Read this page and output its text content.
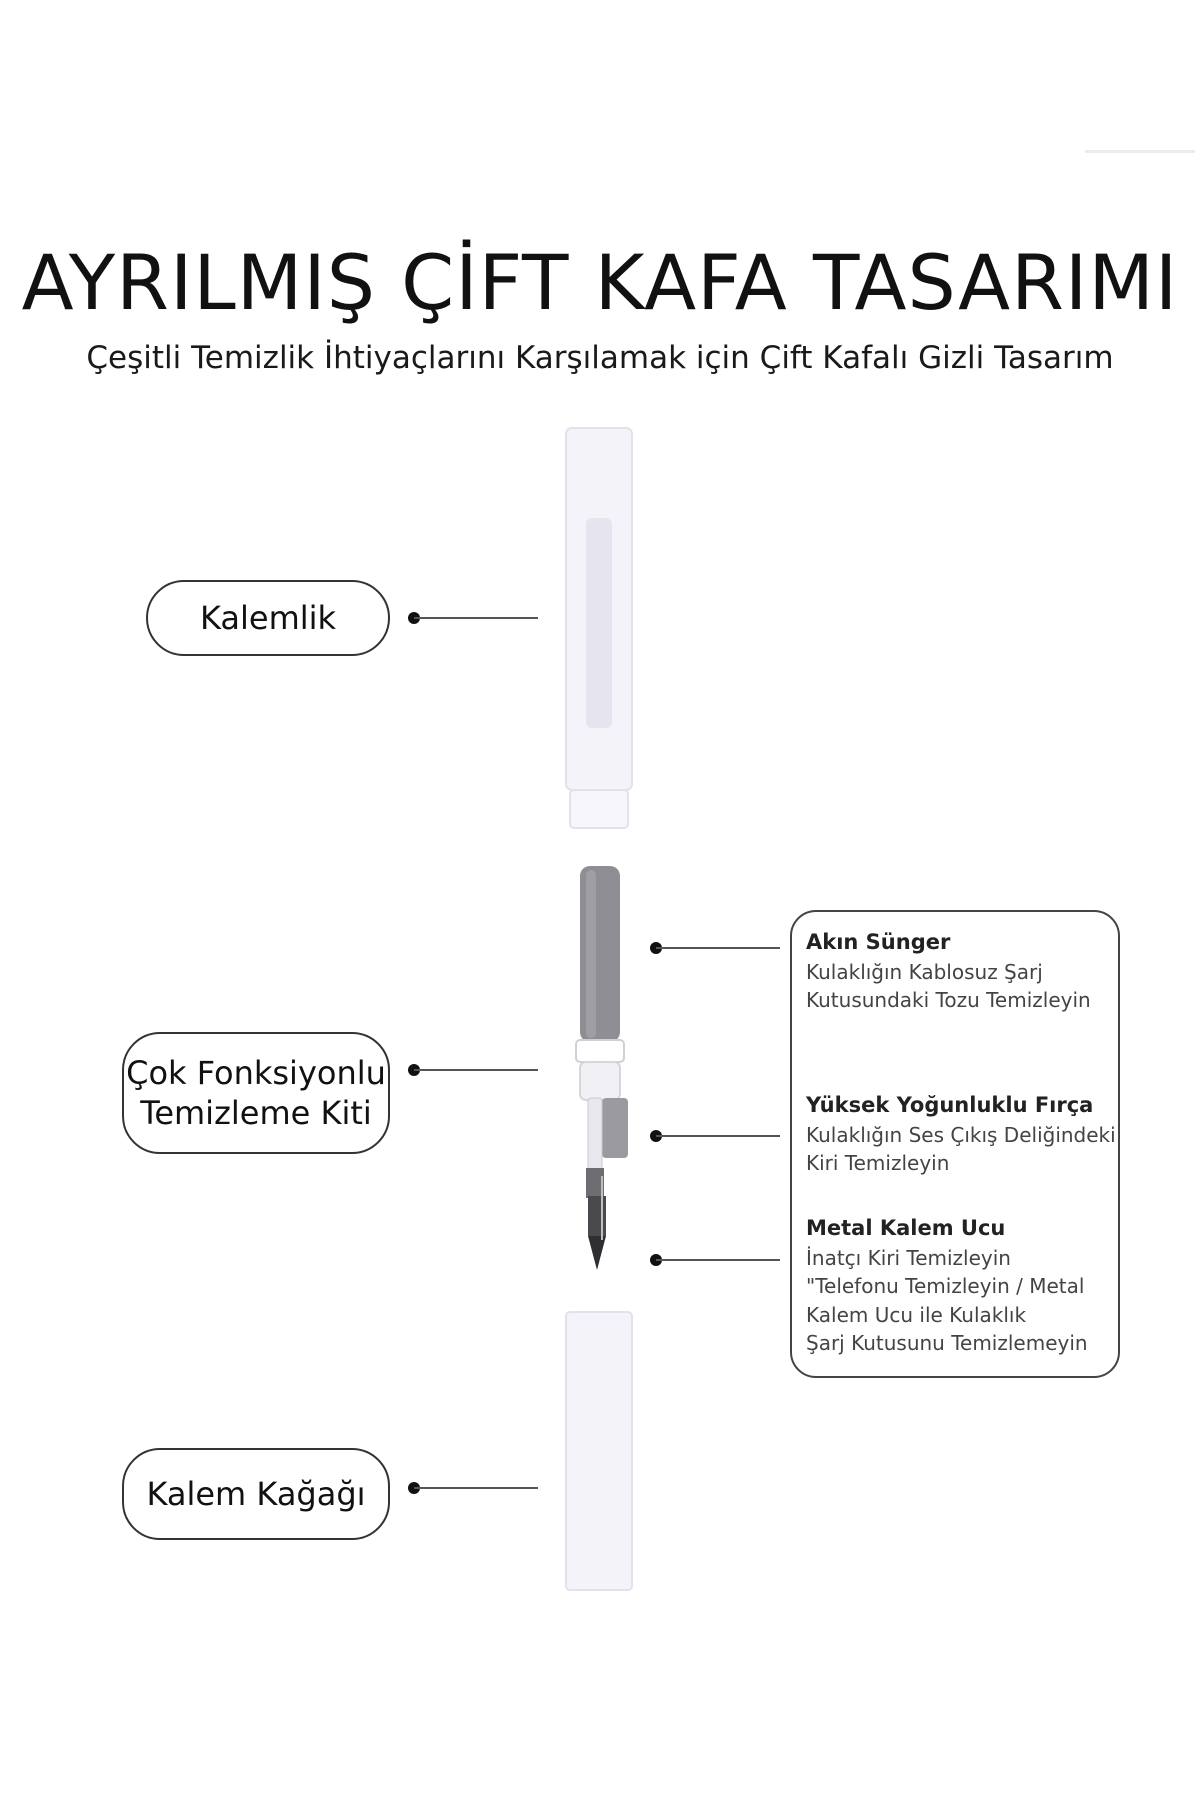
AYRILMIŞ ÇİFT KAFA TASARIMI
Çeşitli Temizlik İhtiyaçlarını Karşılamak için Çift Kafalı Gizli Tasarım
Kalemlik
Çok Fonksiyonlu
Temizleme Kiti
Kalem Kağağı
Akın Sünger
Kulaklığın Kablosuz Şarj
Kutusundaki Tozu Temizleyin
Yüksek Yoğunluklu Fırça
Kulaklığın Ses Çıkış Deliğindeki
Kiri Temizleyin
Metal Kalem Ucu
İnatçı Kiri Temizleyin
"Telefonu Temizleyin / Metal
Kalem Ucu ile Kulaklık
Şarj Kutusunu Temizlemeyin
